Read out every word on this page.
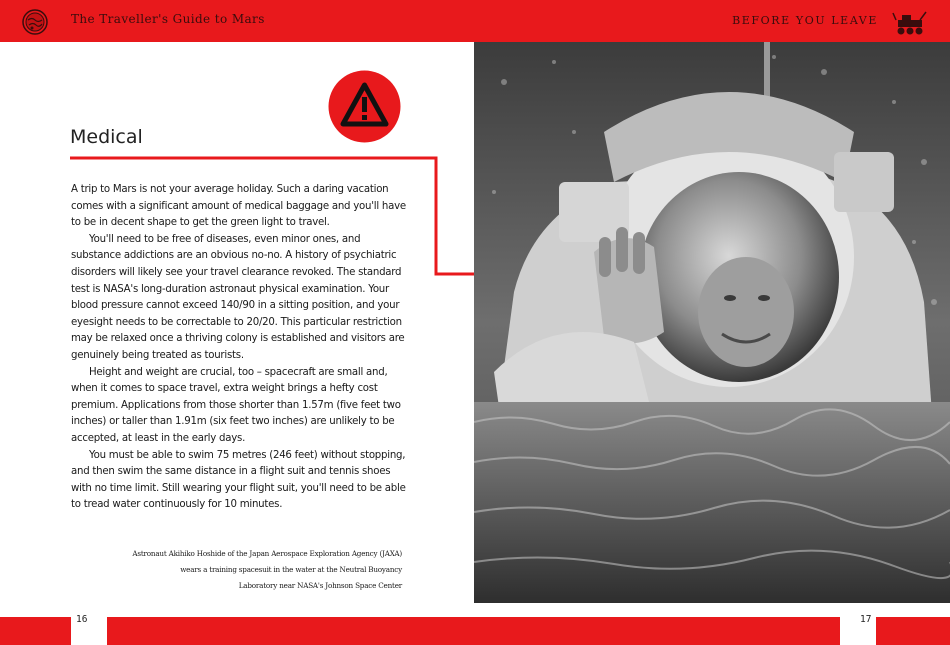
The Traveller's Guide to Mars	BEFORE YOU LEAVE
Medical

A trip to Mars is not your average holiday. Such a daring vacation comes with a significant amount of medical baggage and you'll have to be in decent shape to get the green light to travel.

You'll need to be free of diseases, even minor ones, and substance addictions are an obvious no-no. A history of psychiatric disorders will likely see your travel clearance revoked. The standard test is NASA's long-duration astronaut physical examination. Your blood pressure cannot exceed 140/90 in a sitting position, and your eyesight needs to be correctable to 20/20. This particular restriction may be relaxed once a thriving colony is established and visitors are genuinely being treated as tourists.

Height and weight are crucial, too – spacecraft are small and, when it comes to space travel, extra weight brings a hefty cost premium. Applications from those shorter than 1.57m (five feet two inches) or taller than 1.91m (six feet two inches) are unlikely to be accepted, at least in the early days.

You must be able to swim 75 metres (246 feet) without stopping, and then swim the same distance in a flight suit and tennis shoes with no time limit. Still wearing your flight suit, you'll need to be able to tread water continuously for 10 minutes.

Astronaut Akihiko Hoshide of the Japan Aerospace Exploration Agency (JAXA)
wears a training spacesuit in the water at the Neutral Buoyancy
Laboratory near NASA's Johnson Space Center
16	17
